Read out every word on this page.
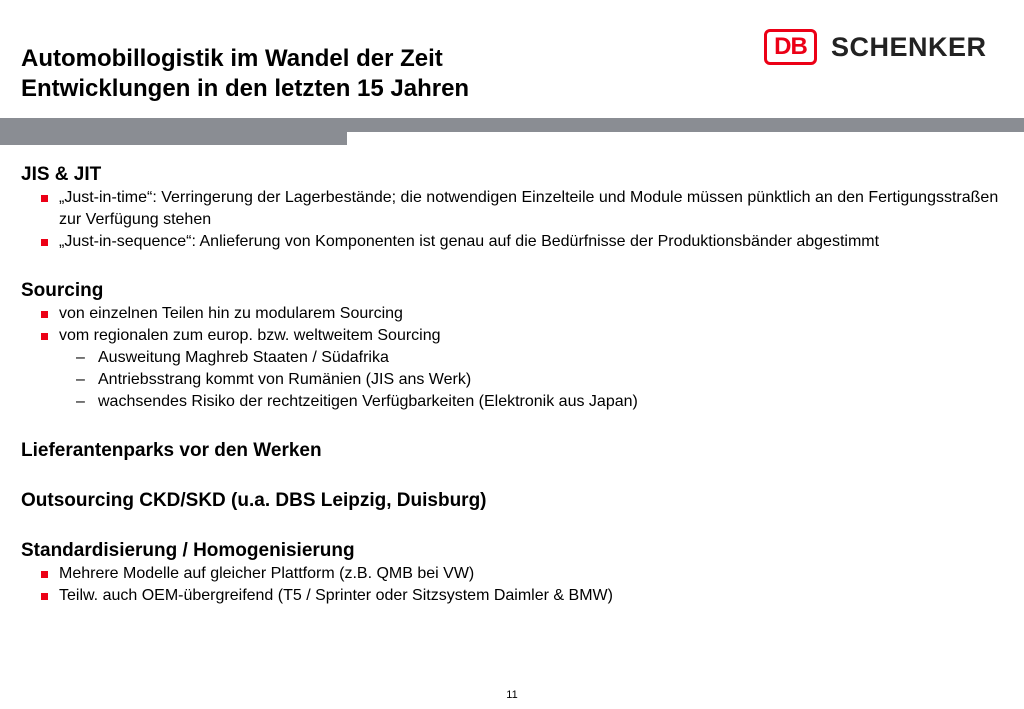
Automobillogistik im Wandel der Zeit
Entwicklungen in den letzten 15 Jahren
DB SCHENKER
JIS & JIT
„Just-in-time“: Verringerung der Lagerbestände; die notwendigen Einzelteile und Module müssen pünktlich an den Fertigungsstraßen zur Verfügung stehen
„Just-in-sequence“: Anlieferung von Komponenten ist genau auf die Bedürfnisse der Produktionsbänder abgestimmt
Sourcing
von einzelnen Teilen hin zu modularem Sourcing
vom regionalen zum europ. bzw. weltweitem Sourcing
– Ausweitung Maghreb Staaten / Südafrika
– Antriebsstrang kommt von Rumänien (JIS ans Werk)
– wachsendes Risiko der rechtzeitigen Verfügbarkeiten (Elektronik aus Japan)
Lieferantenparks vor den Werken
Outsourcing CKD/SKD (u.a. DBS Leipzig, Duisburg)
Standardisierung / Homogenisierung
Mehrere Modelle auf gleicher Plattform (z.B. QMB bei VW)
Teilw. auch OEM-übergreifend (T5 / Sprinter oder Sitzsystem Daimler & BMW)
11
